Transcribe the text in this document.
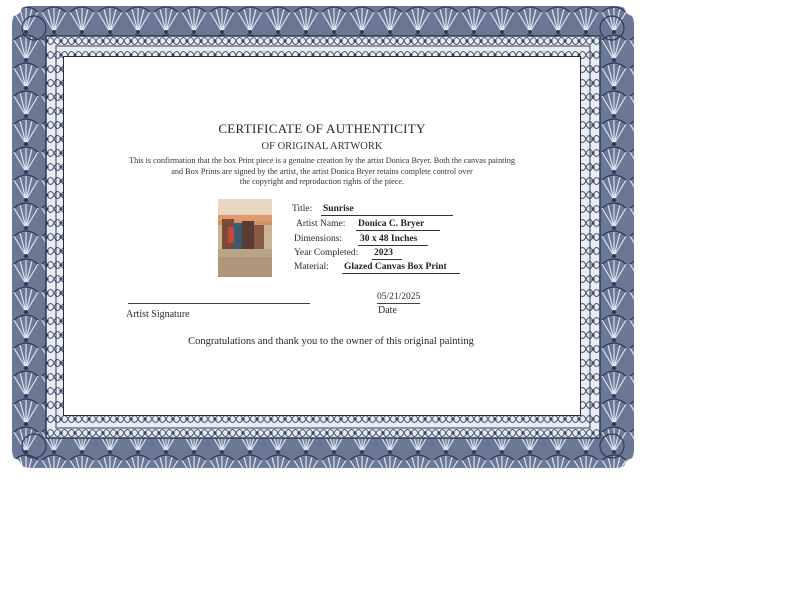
CERTIFICATE OF AUTHENTICITY
OF ORIGINAL ARTWORK
This is confirmation that the box Print piece is a genuine creation by the artist Donica Bryer. Both the canvas painting
and Box Prints are signed by the artist, the artist Donica Bryer retains complete control over
the copyright and reproduction rights of the piece.
Title: Sunrise
Artist Name: Donica C. Bryer
Dimensions: 30 x 48 Inches
Year Completed: 2023
Material: Glazed Canvas Box Print
Artist Signature
05/21/2025
Date
Congratulations and thank you to the owner of this original painting
